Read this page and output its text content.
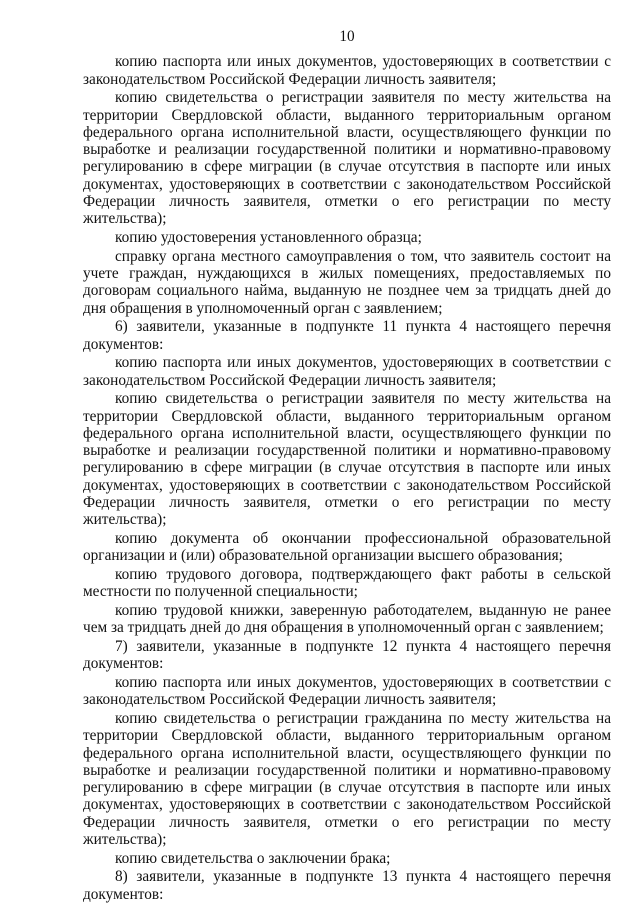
10

копию паспорта или иных документов, удостоверяющих в соответствии с законодательством Российской Федерации личность заявителя;

копию свидетельства о регистрации заявителя по месту жительства на территории Свердловской области, выданного территориальным органом федерального органа исполнительной власти, осуществляющего функции по выработке и реализации государственной политики и нормативно-правовому регулированию в сфере миграции (в случае отсутствия в паспорте или иных документах, удостоверяющих в соответствии с законодательством Российской Федерации личность заявителя, отметки о его регистрации по месту жительства);

копию удостоверения установленного образца;

справку органа местного самоуправления о том, что заявитель состоит на учете граждан, нуждающихся в жилых помещениях, предоставляемых по договорам социального найма, выданную не позднее чем за тридцать дней до дня обращения в уполномоченный орган с заявлением;

6) заявители, указанные в подпункте 11 пункта 4 настоящего перечня документов:

копию паспорта или иных документов, удостоверяющих в соответствии с законодательством Российской Федерации личность заявителя;

копию свидетельства о регистрации заявителя по месту жительства на территории Свердловской области, выданного территориальным органом федерального органа исполнительной власти, осуществляющего функции по выработке и реализации государственной политики и нормативно-правовому регулированию в сфере миграции (в случае отсутствия в паспорте или иных документах, удостоверяющих в соответствии с законодательством Российской Федерации личность заявителя, отметки о его регистрации по месту жительства);

копию документа об окончании профессиональной образовательной организации и (или) образовательной организации высшего образования;

копию трудового договора, подтверждающего факт работы в сельской местности по полученной специальности;

копию трудовой книжки, заверенную работодателем, выданную не ранее чем за тридцать дней до дня обращения в уполномоченный орган с заявлением;

7) заявители, указанные в подпункте 12 пункта 4 настоящего перечня документов:

копию паспорта или иных документов, удостоверяющих в соответствии с законодательством Российской Федерации личность заявителя;

копию свидетельства о регистрации гражданина по месту жительства на территории Свердловской области, выданного территориальным органом федерального органа исполнительной власти, осуществляющего функции по выработке и реализации государственной политики и нормативно-правовому регулированию в сфере миграции (в случае отсутствия в паспорте или иных документах, удостоверяющих в соответствии с законодательством Российской Федерации личность заявителя, отметки о его регистрации по месту жительства);

копию свидетельства о заключении брака;

8) заявители, указанные в подпункте 13 пункта 4 настоящего перечня документов:
